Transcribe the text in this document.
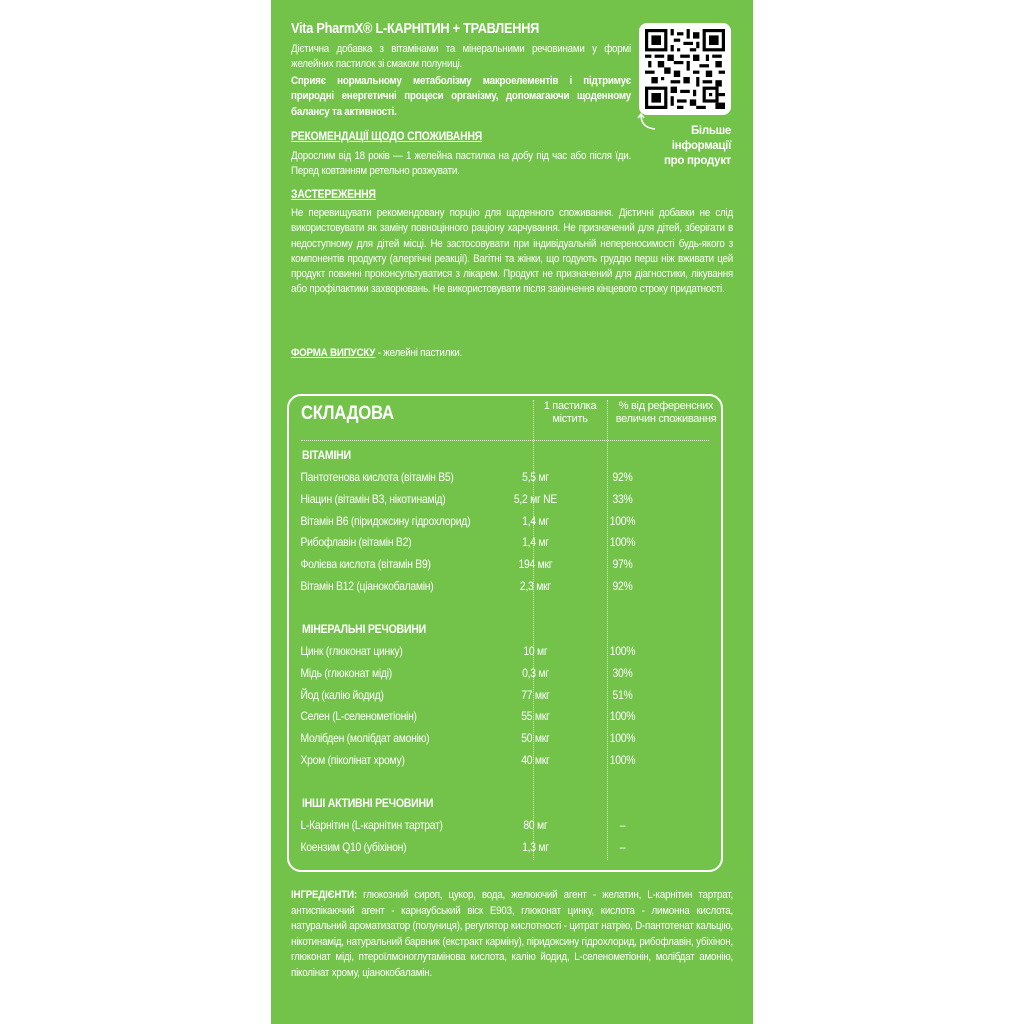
Vita PharmX® L-КАРНІТИН + ТРАВЛЕННЯ
Більше інформації про продукт

Дієтична добавка з вітамінами та мінеральними речовинами у формі желейних пастилок зі смаком полуниці.

Сприяє нормальному метаболізму макроелементів і підтримує природні енергетичні процеси організму, допомагаючи щоденному балансу та активності.

РЕКОМЕНДАЦІЇ ЩОДО СПОЖИВАННЯ

Дорослим від 18 років — 1 желейна пастилка на добу під час або після їди. Перед ковтанням ретельно розжувати.

ЗАСТЕРЕЖЕННЯ

Не перевищувати рекомендовану порцію для щоденного споживання. Дієтичні добавки не слід використовувати як заміну повноцінного раціону харчування. Не призначений для дітей, зберігати в недоступному для дітей місці. Не застосовувати при індивідуальній непереносимості будь-якого з компонентів продукту (алергічні реакції). Вагітні та жінки, що годують груддю перш ніж вживати цей продукт повинні проконсультуватися з лікарем. Продукт не призначений для діагностики, лікування або профілактики захворювань. Не використовувати після закінчення кінцевого строку придатності.

ФОРМА ВИПУСКУ - желейні пастилки.

СКЛАДОВА	1 пастилка містить
% від референсних величин споживання
ВІТАМІНИ
Пантотенова кислота (вітамін B5)	5,5 мг	92%
Ніацин (вітамін B3, нікотинамід)	5,2 мг NE	33%
Вітамін B6 (піридоксину гідрохлорид)	1,4 мг	100%
Рибофлавін (вітамін B2)	1,4 мг	100%
Фолієва кислота (вітамін B9)	194 мкг	97%
Вітамін B12 (ціанокобаламін)	2,3 мкг	92%
МІНЕРАЛЬНІ РЕЧОВИНИ
Цинк (глюконат цинку)	10 мг	100%
Мідь (глюконат міді)	0,3 мг	30%
Йод (калію йодид)	77 мкг	51%
Селен (L-селенометіонін)	55 мкг	100%
Молібден (молібдат амонію)	50 мкг	100%
Хром (піколінат хрому)	40 мкг	100%
ІНШІ АКТИВНІ РЕЧОВИНИ
L-Карнітин (L-карнітин тартрат)	80 мг	–
Коензим Q10 (убіхінон)	1,3 мг	–

ІНГРЕДІЄНТИ: глюкозний сироп, цукор, вода, желюючий агент - желатин, L-карнітин тартрат, антиспікаючий агент - карнаубський віск E903, глюконат цинку, кислота - лимонна кислота, натуральний ароматизатор (полуниця), регулятор кислотності - цитрат натрію, D-пантотенат кальцію, нікотинамід, натуральний барвник (екстракт карміну), піридоксину гідрохлорид, рибофлавін, убіхінон, глюконат міді, птероїлмоноглутамінова кислота, калію йодид, L-селенометіонін, молібдат амонію, піколінат хрому, ціанокобаламін.
